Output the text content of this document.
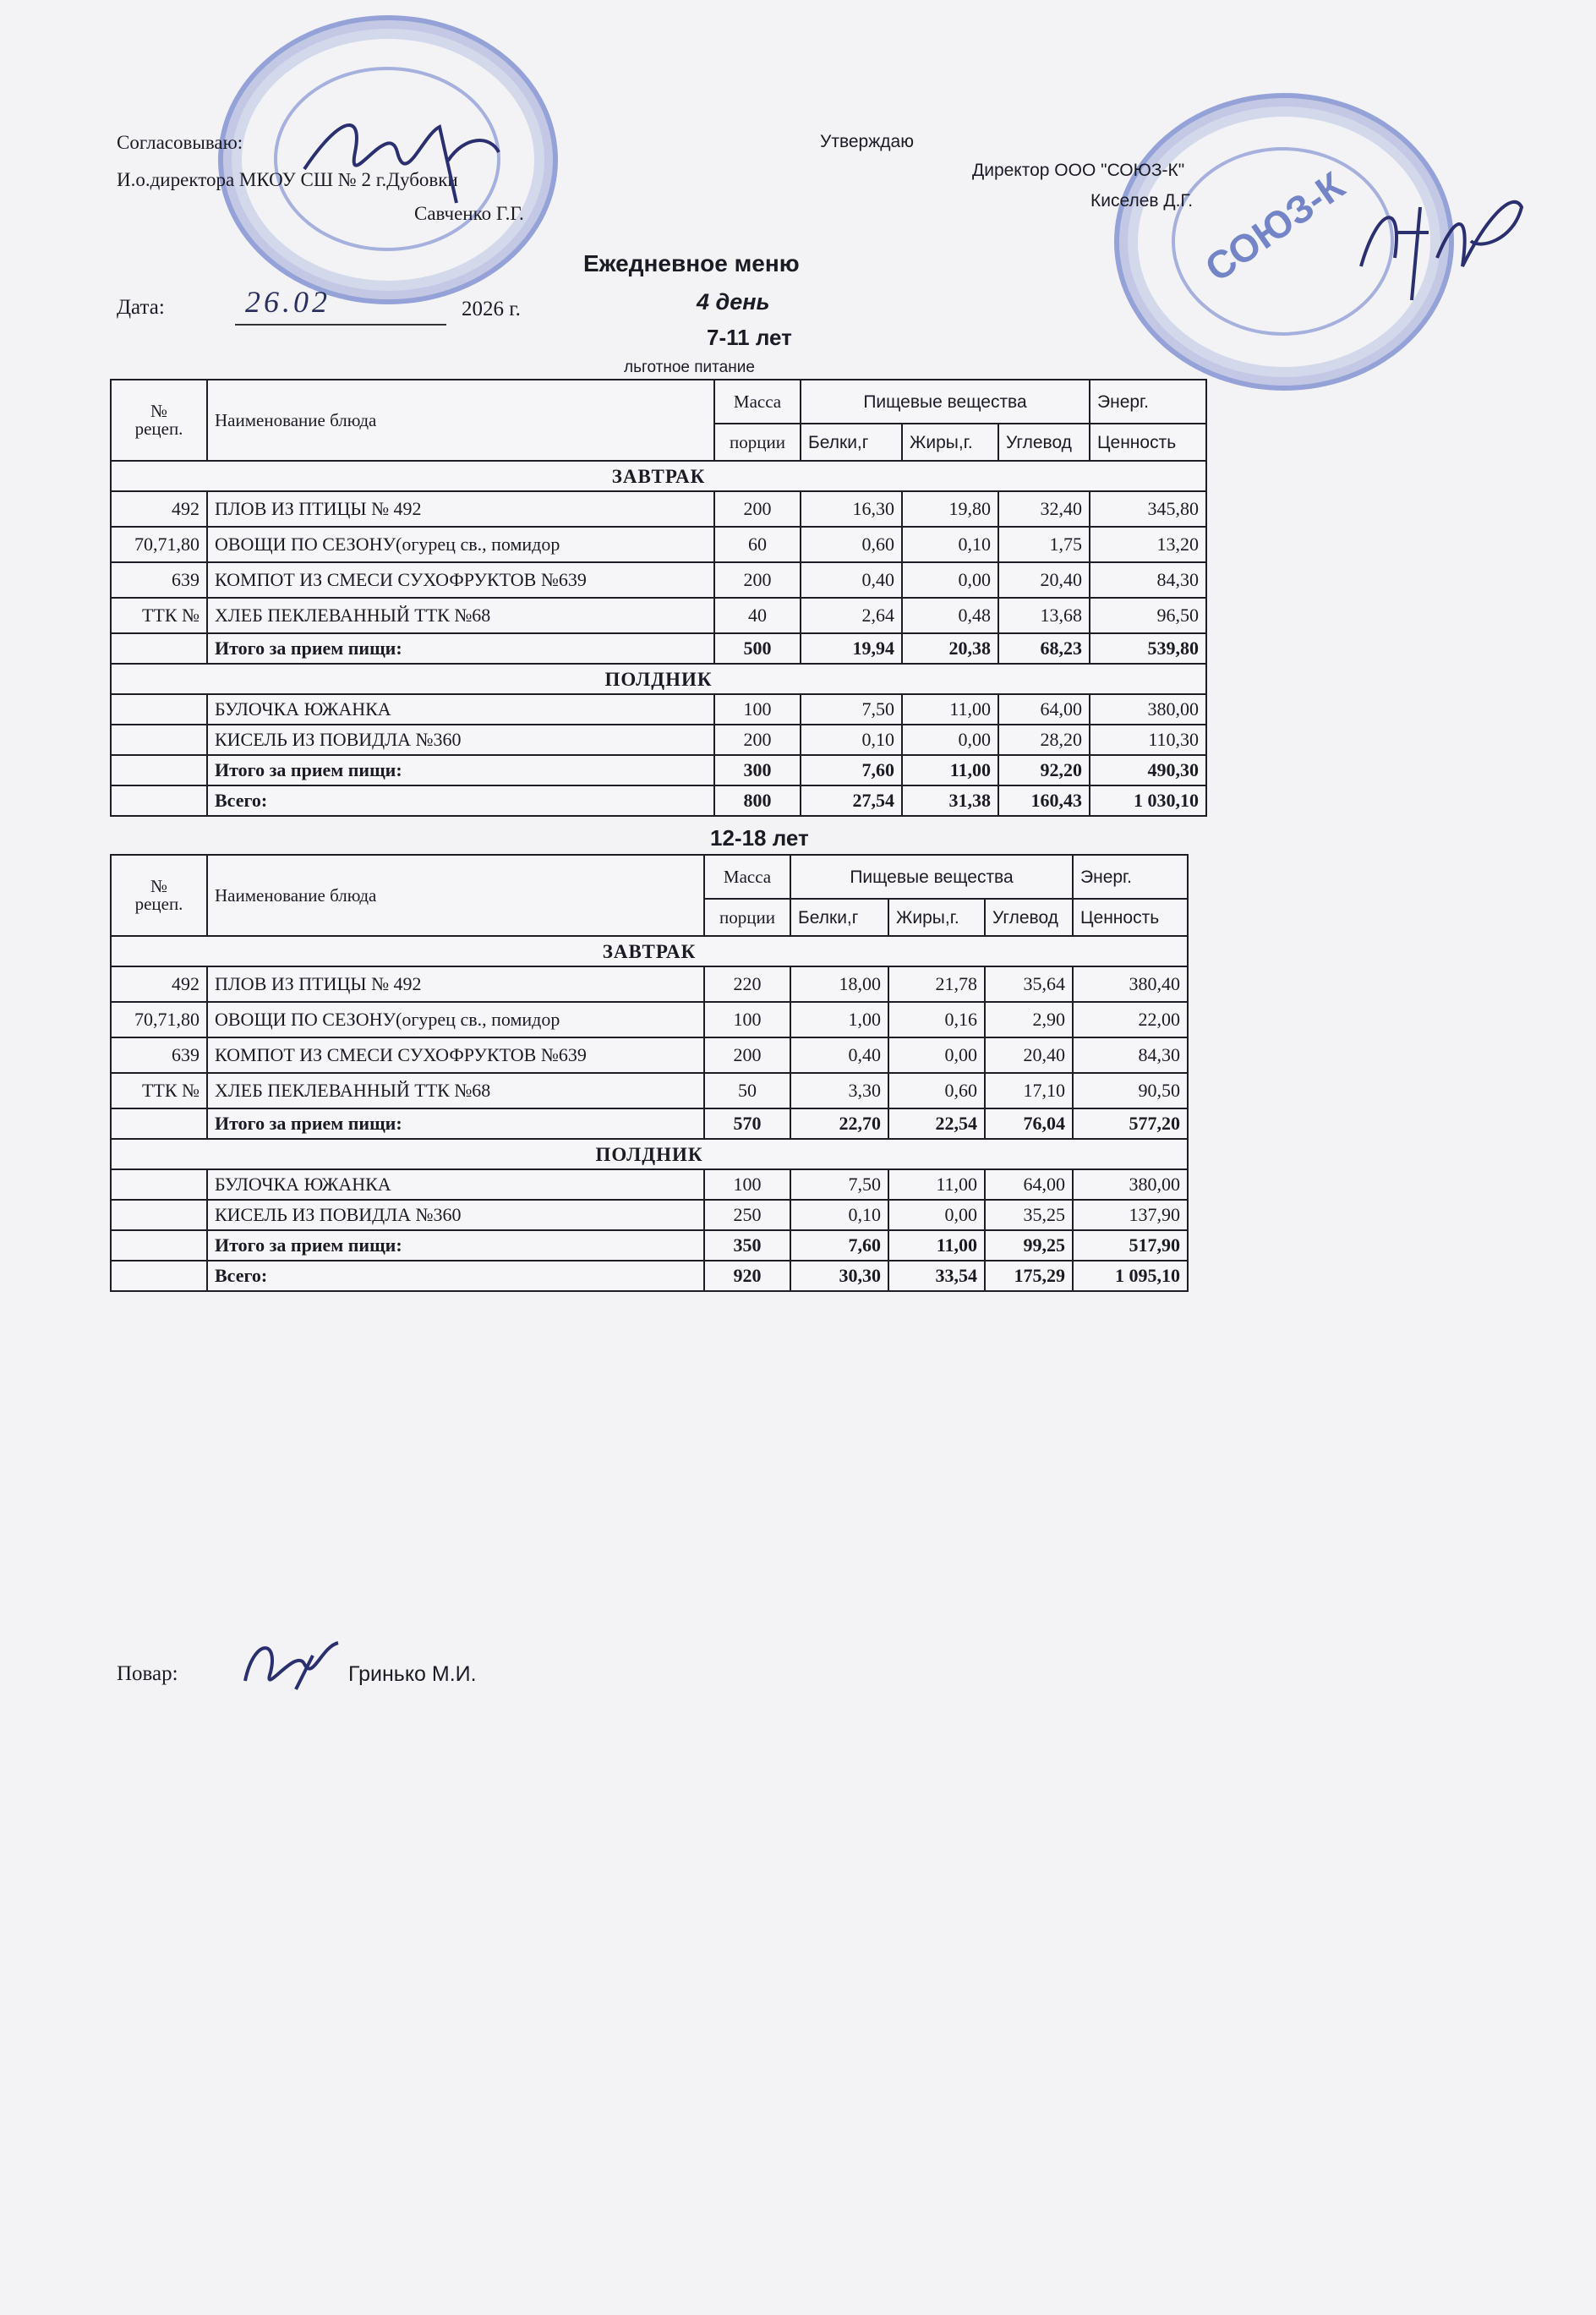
СОЮЗ-К
Согласовываю:
И.о.директора МКОУ СШ № 2 г.Дубовки
Савченко Г.Г.
Утверждаю
Директор ООО "СОЮЗ-К"
Киселев Д.Г.
Ежедневное меню
Дата:	26.02	2026 г.	4 день
7-11 лет
льготное питание
№
рецеп.	Наименование блюда	Масса	Пищевые вещества			Энерг.
		порции	Белки,г	Жиры,г.	Углевод	Ценность
ЗАВТРАК						
492	ПЛОВ ИЗ ПТИЦЫ № 492	200	16,30	19,80	32,40	345,80
70,71,80	ОВОЩИ ПО СЕЗОНУ(огурец св., помидор	60	0,60	0,10	1,75	13,20
639	КОМПОТ ИЗ СМЕСИ СУХОФРУКТОВ №639	200	0,40	0,00	20,40	84,30
ТТК №	ХЛЕБ ПЕКЛЕВАННЫЙ ТТК №68	40	2,64	0,48	13,68	96,50
	Итого за прием пищи:	500	19,94	20,38	68,23	539,80
ПОЛДНИК						
	БУЛОЧКА ЮЖАНКА	100	7,50	11,00	64,00	380,00
	КИСЕЛЬ ИЗ ПОВИДЛА №360	200	0,10	0,00	28,20	110,30
	Итого за прием пищи:	300	7,60	11,00	92,20	490,30
	Всего:	800	27,54	31,38	160,43	1 030,10
12-18 лет
№
рецеп.	Наименование блюда	Масса	Пищевые вещества			Энерг.
		порции	Белки,г	Жиры,г.	Углевод	Ценность
ЗАВТРАК						
492	ПЛОВ ИЗ ПТИЦЫ № 492	220	18,00	21,78	35,64	380,40
70,71,80	ОВОЩИ ПО СЕЗОНУ(огурец св., помидор	100	1,00	0,16	2,90	22,00
639	КОМПОТ ИЗ СМЕСИ СУХОФРУКТОВ №639	200	0,40	0,00	20,40	84,30
ТТК №	ХЛЕБ ПЕКЛЕВАННЫЙ ТТК №68	50	3,30	0,60	17,10	90,50
	Итого за прием пищи:	570	22,70	22,54	76,04	577,20
ПОЛДНИК						
	БУЛОЧКА ЮЖАНКА	100	7,50	11,00	64,00	380,00
	КИСЕЛЬ ИЗ ПОВИДЛА №360	250	0,10	0,00	35,25	137,90
	Итого за прием пищи:	350	7,60	11,00	99,25	517,90
	Всего:	920	30,30	33,54	175,29	1 095,10
Повар:	Гринько М.И.
